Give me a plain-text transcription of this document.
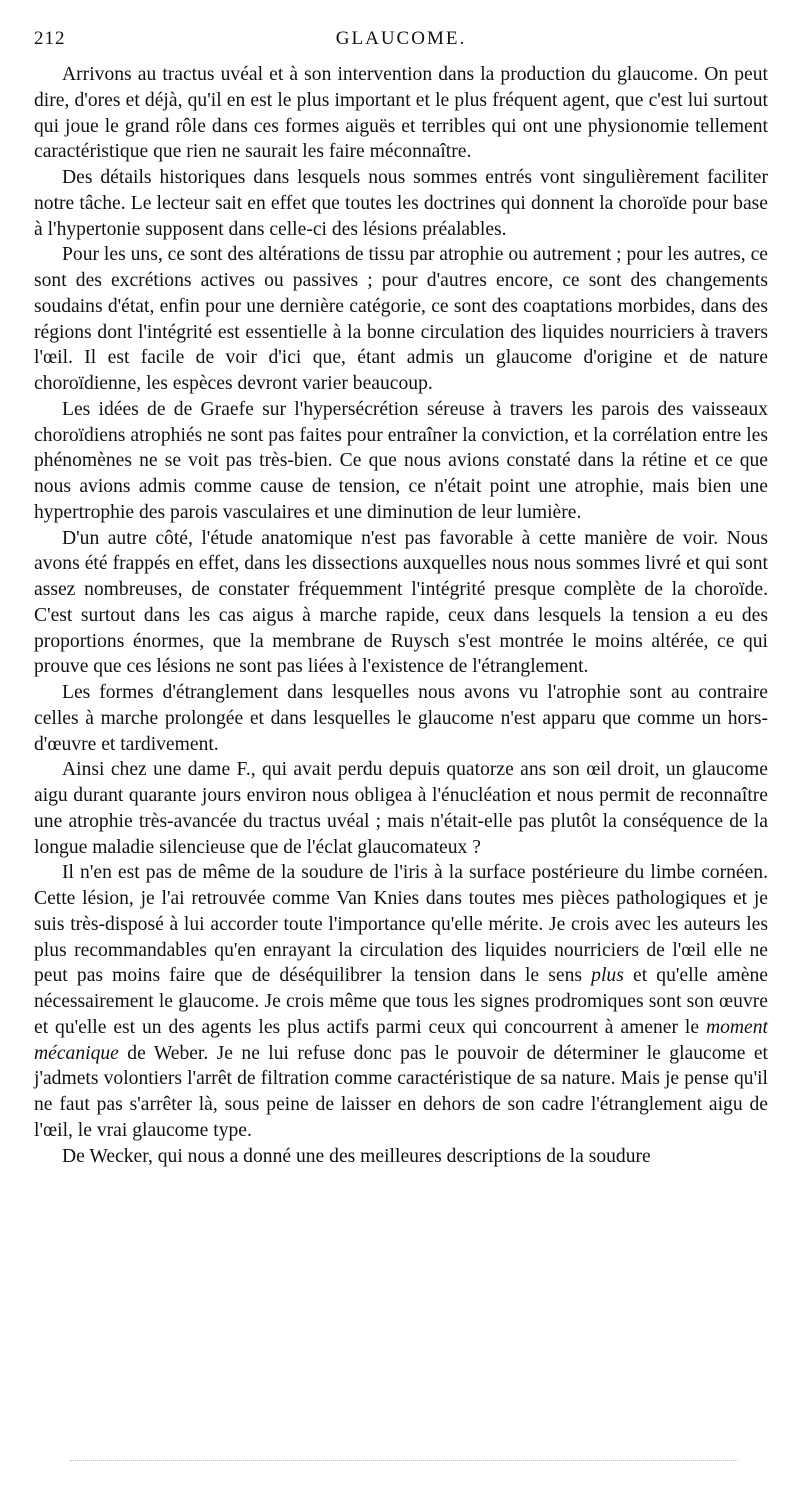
212	GLAUCOME.

Arrivons au tractus uvéal et à son intervention dans la production du glaucome. On peut dire, d'ores et déjà, qu'il en est le plus important et le plus fréquent agent, que c'est lui surtout qui joue le grand rôle dans ces formes aiguës et terribles qui ont une physionomie tellement caractéristique que rien ne saurait les faire méconnaître.

Des détails historiques dans lesquels nous sommes entrés vont singulièrement faciliter notre tâche. Le lecteur sait en effet que toutes les doctrines qui donnent la choroïde pour base à l'hypertonie supposent dans celle-ci des lésions préalables.

Pour les uns, ce sont des altérations de tissu par atrophie ou autrement ; pour les autres, ce sont des excrétions actives ou passives ; pour d'autres encore, ce sont des changements soudains d'état, enfin pour une dernière catégorie, ce sont des coaptations morbides, dans des régions dont l'intégrité est essentielle à la bonne circulation des liquides nourriciers à travers l'œil. Il est facile de voir d'ici que, étant admis un glaucome d'origine et de nature choroïdienne, les espèces devront varier beaucoup.

Les idées de de Graefe sur l'hypersécrétion séreuse à travers les parois des vaisseaux choroïdiens atrophiés ne sont pas faites pour entraîner la conviction, et la corrélation entre les phénomènes ne se voit pas très-bien. Ce que nous avions constaté dans la rétine et ce que nous avions admis comme cause de tension, ce n'était point une atrophie, mais bien une hypertrophie des parois vasculaires et une diminution de leur lumière.

D'un autre côté, l'étude anatomique n'est pas favorable à cette manière de voir. Nous avons été frappés en effet, dans les dissections auxquelles nous nous sommes livré et qui sont assez nombreuses, de constater fréquemment l'intégrité presque complète de la choroïde. C'est surtout dans les cas aigus à marche rapide, ceux dans lesquels la tension a eu des proportions énormes, que la membrane de Ruysch s'est montrée le moins altérée, ce qui prouve que ces lésions ne sont pas liées à l'existence de l'étranglement.

Les formes d'étranglement dans lesquelles nous avons vu l'atrophie sont au contraire celles à marche prolongée et dans lesquelles le glaucome n'est apparu que comme un hors-d'œuvre et tardivement.

Ainsi chez une dame F., qui avait perdu depuis quatorze ans son œil droit, un glaucome aigu durant quarante jours environ nous obligea à l'énucléation et nous permit de reconnaître une atrophie très-avancée du tractus uvéal ; mais n'était-elle pas plutôt la conséquence de la longue maladie silencieuse que de l'éclat glaucomateux ?

Il n'en est pas de même de la soudure de l'iris à la surface postérieure du limbe cornéen. Cette lésion, je l'ai retrouvée comme Van Knies dans toutes mes pièces pathologiques et je suis très-disposé à lui accorder toute l'importance qu'elle mérite. Je crois avec les auteurs les plus recommandables qu'en enrayant la circulation des liquides nourriciers de l'œil elle ne peut pas moins faire que de déséquilibrer la tension dans le sens plus et qu'elle amène nécessairement le glaucome. Je crois même que tous les signes prodromiques sont son œuvre et qu'elle est un des agents les plus actifs parmi ceux qui concourrent à amener le moment mécanique de Weber. Je ne lui refuse donc pas le pouvoir de déterminer le glaucome et j'admets volontiers l'arrêt de filtration comme caractéristique de sa nature. Mais je pense qu'il ne faut pas s'arrêter là, sous peine de laisser en dehors de son cadre l'étranglement aigu de l'œil, le vrai glaucome type.

De Wecker, qui nous a donné une des meilleures descriptions de la soudure
